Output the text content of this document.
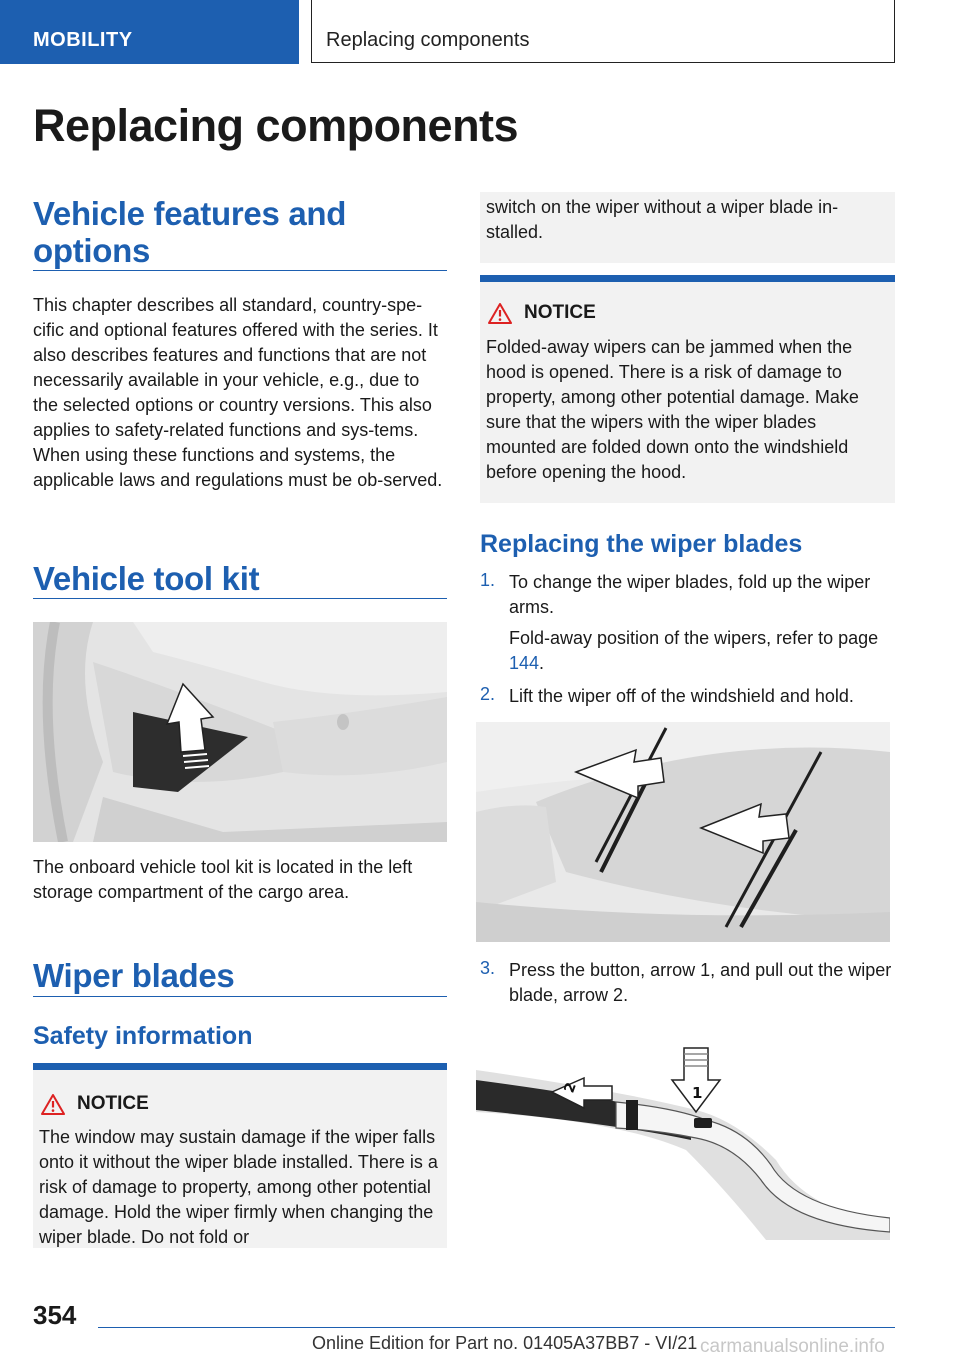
MOBILITY	Replacing components
Replacing components
Vehicle features and options

This chapter describes all standard, country-spe-cific and optional features offered with the series. It also describes features and functions that are not necessarily available in your vehicle, e.g., due to the selected options or country versions. This also applies to safety-related functions and sys-tems. When using these functions and systems, the applicable laws and regulations must be ob-served.

Vehicle tool kit

The onboard vehicle tool kit is located in the left storage compartment of the cargo area.

Wiper blades
Safety information
NOTICE

The window may sustain damage if the wiper falls onto it without the wiper blade installed. There is a risk of damage to property, among other potential damage. Hold the wiper firmly when changing the wiper blade. Do not fold or

switch on the wiper without a wiper blade in-stalled.

NOTICE

Folded-away wipers can be jammed when the hood is opened. There is a risk of damage to property, among other potential damage. Make sure that the wipers with the wiper blades mounted are folded down onto the windshield before opening the hood.

Replacing the wiper blades
1. To change the wiper blades, fold up the wiper arms.
Fold-away position of the wipers, refer to page 144.
2. Lift the wiper off of the windshield and hold.
3. Press the button, arrow 1, and pull out the wiper blade, arrow 2.
2	1
354
Online Edition for Part no. 01405A37BB7 - VI/21 carmanualsonline.info
